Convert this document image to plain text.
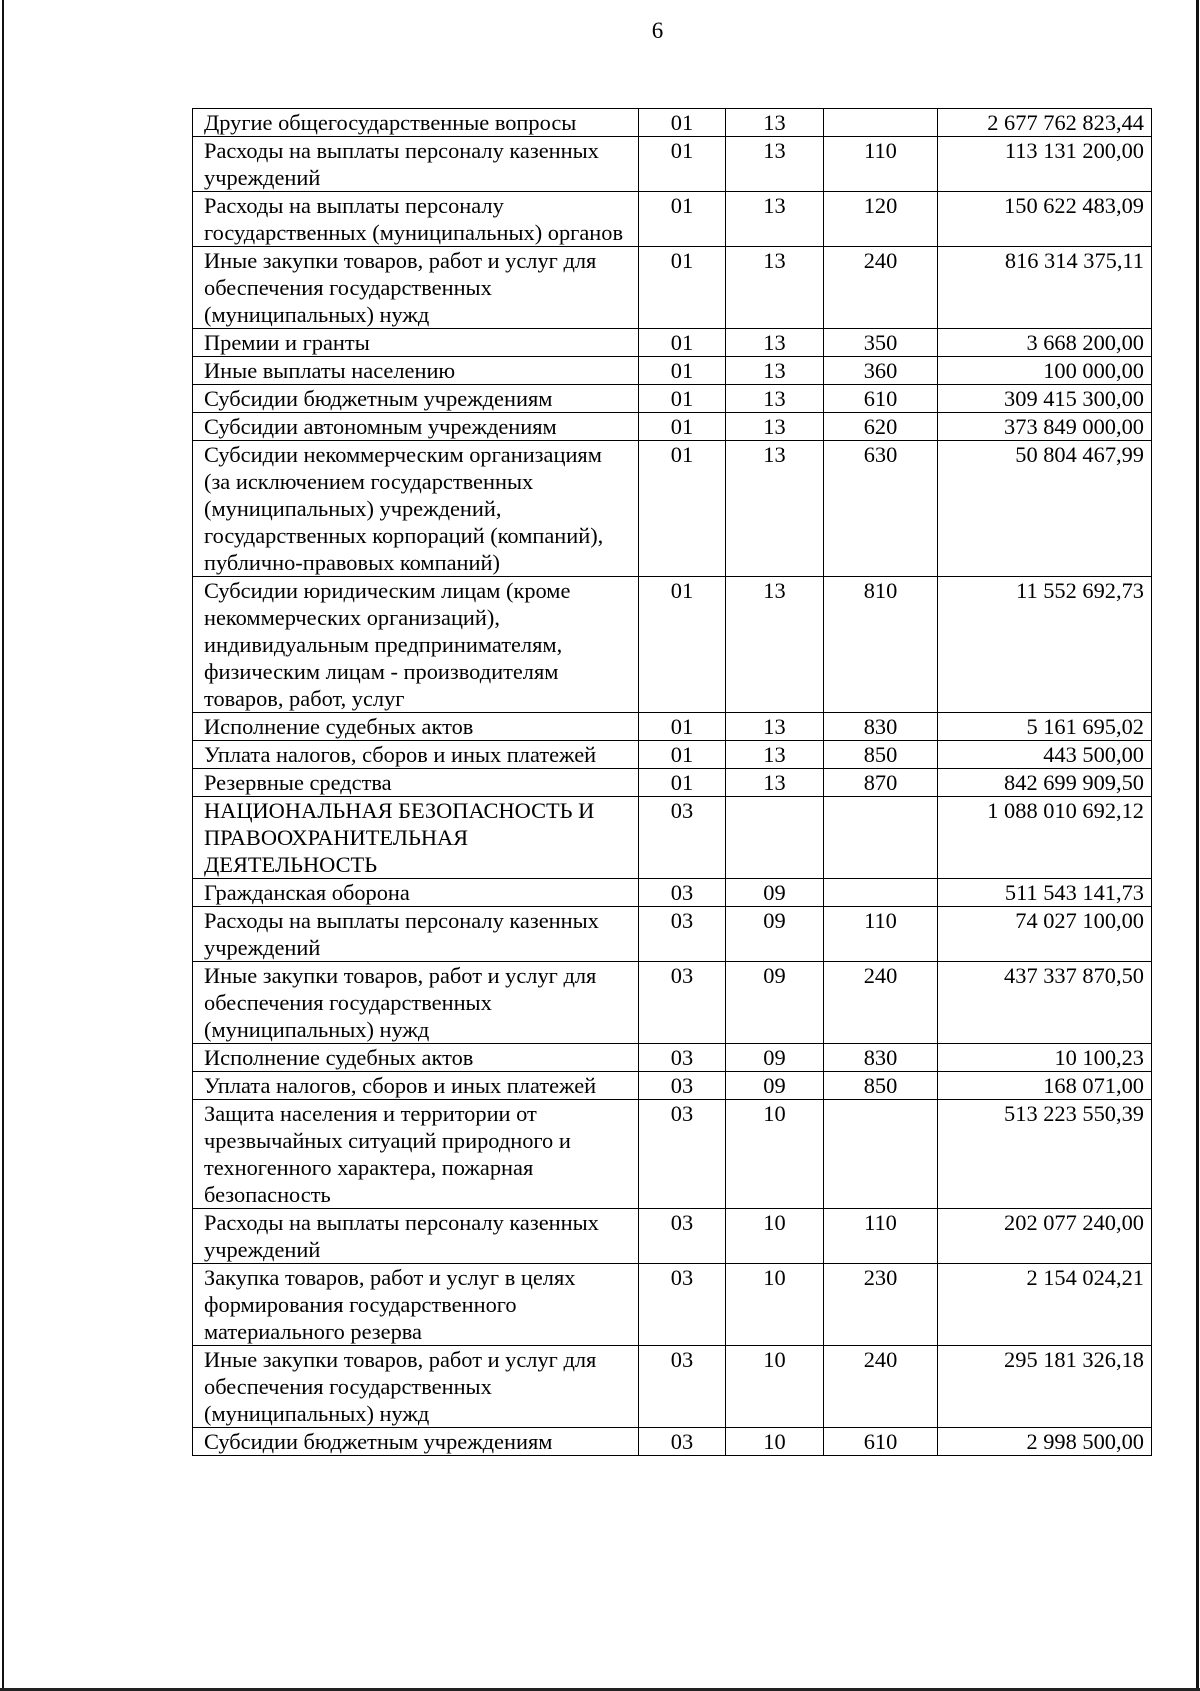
6
Другие общегосударственные вопросы	01	13		2 677 762 823,44
Расходы на выплаты персоналу казенных учреждений	01	13	110	113 131 200,00
Расходы на выплаты персоналу государственных (муниципальных) органов	01	13	120	150 622 483,09
Иные закупки товаров, работ и услуг для обеспечения государственных (муниципальных) нужд	01	13	240	816 314 375,11
Премии и гранты	01	13	350	3 668 200,00
Иные выплаты населению	01	13	360	100 000,00
Субсидии бюджетным учреждениям	01	13	610	309 415 300,00
Субсидии автономным учреждениям	01	13	620	373 849 000,00
Субсидии некоммерческим организациям (за исключением государственных (муниципальных) учреждений, государственных корпораций (компаний), публично-правовых компаний)	01	13	630	50 804 467,99
Субсидии юридическим лицам (кроме некоммерческих организаций), индивидуальным предпринимателям, физическим лицам - производителям товаров, работ, услуг	01	13	810	11 552 692,73
Исполнение судебных актов	01	13	830	5 161 695,02
Уплата налогов, сборов и иных платежей	01	13	850	443 500,00
Резервные средства	01	13	870	842 699 909,50
НАЦИОНАЛЬНАЯ БЕЗОПАСНОСТЬ И ПРАВООХРАНИТЕЛЬНАЯ ДЕЯТЕЛЬНОСТЬ	03			1 088 010 692,12
Гражданская оборона	03	09		511 543 141,73
Расходы на выплаты персоналу казенных учреждений	03	09	110	74 027 100,00
Иные закупки товаров, работ и услуг для обеспечения государственных (муниципальных) нужд	03	09	240	437 337 870,50
Исполнение судебных актов	03	09	830	10 100,23
Уплата налогов, сборов и иных платежей	03	09	850	168 071,00
Защита населения и территории от чрезвычайных ситуаций природного и техногенного характера, пожарная безопасность	03	10		513 223 550,39
Расходы на выплаты персоналу казенных учреждений	03	10	110	202 077 240,00
Закупка товаров, работ и услуг в целях формирования государственного материального резерва	03	10	230	2 154 024,21
Иные закупки товаров, работ и услуг для обеспечения государственных (муниципальных) нужд	03	10	240	295 181 326,18
Субсидии бюджетным учреждениям	03	10	610	2 998 500,00
